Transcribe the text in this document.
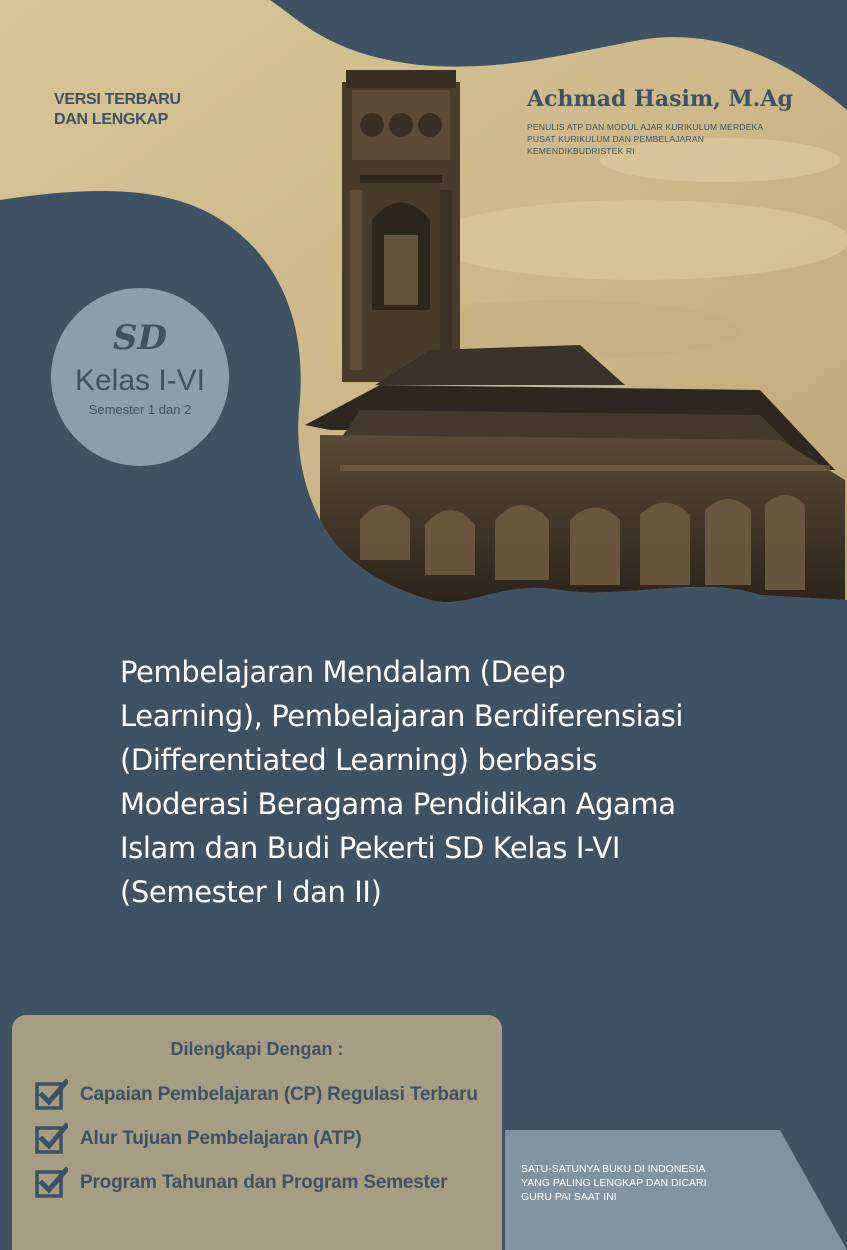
VERSI TERBARU
DAN LENGKAP
Achmad Hasim, M.Ag
PENULIS ATP DAN MODUL AJAR KURIKULUM MERDEKA
PUSAT KURIKULUM DAN PEMBELAJARAN
KEMENDIKBUDRISTEK RI
SD
Kelas I-VI
Semester 1 dan 2
Pembelajaran Mendalam (Deep
Learning), Pembelajaran Berdiferensiasi
(Differentiated Learning) berbasis
Moderasi Beragama Pendidikan Agama
Islam dan Budi Pekerti SD Kelas I-VI
(Semester I dan II)
Dilengkapi Dengan :
Capaian Pembelajaran (CP) Regulasi Terbaru
Alur Tujuan Pembelajaran (ATP)
Program Tahunan dan Program Semester
SATU-SATUNYA BUKU DI INDONESIA
YANG PALING LENGKAP DAN DICARI
GURU PAI SAAT INI
